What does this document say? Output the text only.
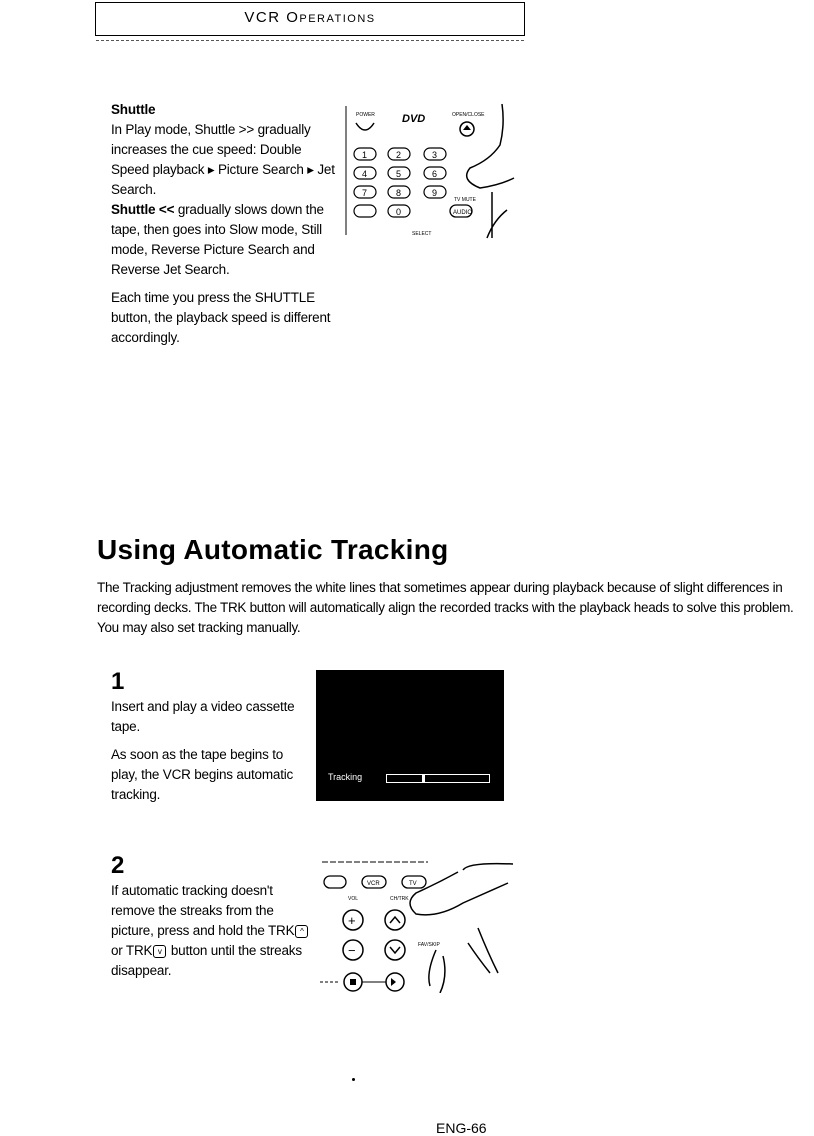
VCR Operations

Shuttle

In Play mode, Shuttle >> gradually increases the cue speed: Double Speed playback ▸ Picture Search ▸ Jet Search.

Shuttle << gradually slows down the tape, then goes into Slow mode, Still mode, Reverse Picture Search and Reverse Jet Search.

Each time you press the SHUTTLE button, the playback speed is different accordingly.

POWER DVD	OPEN/CLOSE
1	2	3
4	5	6
7	8	9
0
TV MUTE
AUDIO
SELECT
Using Automatic Tracking
The Tracking adjustment removes the white lines that sometimes appear during playback because of slight differences in recording decks. The TRK button will automatically align the recorded tracks with the playback heads to solve this problem. You may also set tracking manually.
1

Insert and play a video cassette tape.

As soon as the tape begins to play, the VCR begins automatic tracking.

Tracking
2

If automatic tracking doesn't remove the streaks from the picture, press and hold the TRK ^ or TRK v button until the streaks disappear.

VCR	TV
VOL	CH/TRK
+
−	FAV/SKIP
ENG-66
